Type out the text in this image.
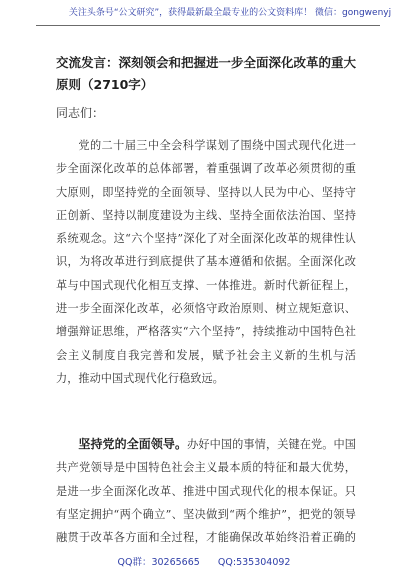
关注头条号“公文研究”，获得最新最全最专业的公文资料库！ 微信：gongwenyj
交流发言：深刻领会和把握进一步全面深化改革的重大原则（2710字）
同志们：

党的二十届三中全会科学谋划了围绕中国式现代化进一步全面深化改革的总体部署，着重强调了改革必须贯彻的重大原则，即坚持党的全面领导、坚持以人民为中心、坚持守正创新、坚持以制度建设为主线、坚持全面依法治国、坚持系统观念。这“六个坚持”深化了对全面深化改革的规律性认识，为将改革进行到底提供了基本遵循和依据。全面深化改革与中国式现代化相互支撑、一体推进。新时代新征程上，进一步全面深化改革，必须恪守政治原则、树立规矩意识、增强辩证思维，严格落实“六个坚持”，持续推动中国特色社会主义制度自我完善和发展，赋予社会主义新的生机与活力，推动中国式现代化行稳致远。

坚持党的全面领导。办好中国的事情，关键在党。中国共产党领导是中国特色社会主义最本质的特征和最大优势，是进一步全面深化改革、推进中国式现代化的根本保证。只有坚定拥护“两个确立”、坚决做到“两个维护”，把党的领导融贯于改革各方面和全过程，才能确保改革始终沿着正确的

QQ群：30265665      QQ:535304092
